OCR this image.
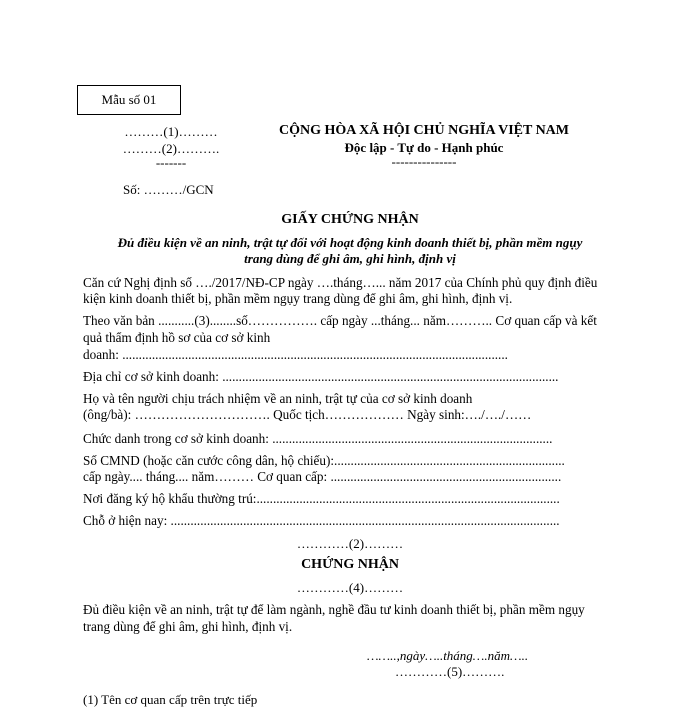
Mẫu số 01
………(1)………
………(2)……….
-------
Số: ………/GCN
CỘNG HÒA XÃ HỘI CHỦ NGHĨA VIỆT NAM
Độc lập - Tự do - Hạnh phúc
---------------
GIẤY CHỨNG NHẬN
Đủ điều kiện về an ninh, trật tự đối với hoạt động kinh doanh thiết bị, phần mềm ngụy
trang dùng để ghi âm, ghi hình, định vị
Căn cứ Nghị định số …./2017/NĐ-CP ngày ….tháng…... năm 2017 của Chính phủ quy định điều
kiện kinh doanh thiết bị, phần mềm ngụy trang dùng để ghi âm, ghi hình, định vị.
Theo văn bản ...........(3)........số……………. cấp ngày ...tháng... năm……….. Cơ quan cấp và kết
quả thẩm định hồ sơ của cơ sở kinh
doanh: .....................................................................................................................
Địa chỉ cơ sở kinh doanh: ......................................................................................................
Họ và tên người chịu trách nhiệm về an ninh, trật tự của cơ sở kinh doanh
(ông/bà): …………………………. Quốc tịch……………… Ngày sinh:…./…./……
Chức danh trong cơ sở kinh doanh: .....................................................................................
Số CMND (hoặc căn cước công dân, hộ chiếu):......................................................................
cấp ngày.... tháng.... năm……… Cơ quan cấp: ......................................................................
Nơi đăng ký hộ khẩu thường trú:............................................................................................
Chỗ ở hiện nay: ......................................................................................................................
…………(2)………
CHỨNG NHẬN
…………(4)………
Đủ điều kiện về an ninh, trật tự để làm ngành, nghề đầu tư kinh doanh thiết bị, phần mềm ngụy
trang dùng để ghi âm, ghi hình, định vị.
……..,ngày…..tháng….năm…..
…………(5)……….
(1) Tên cơ quan cấp trên trực tiếp
